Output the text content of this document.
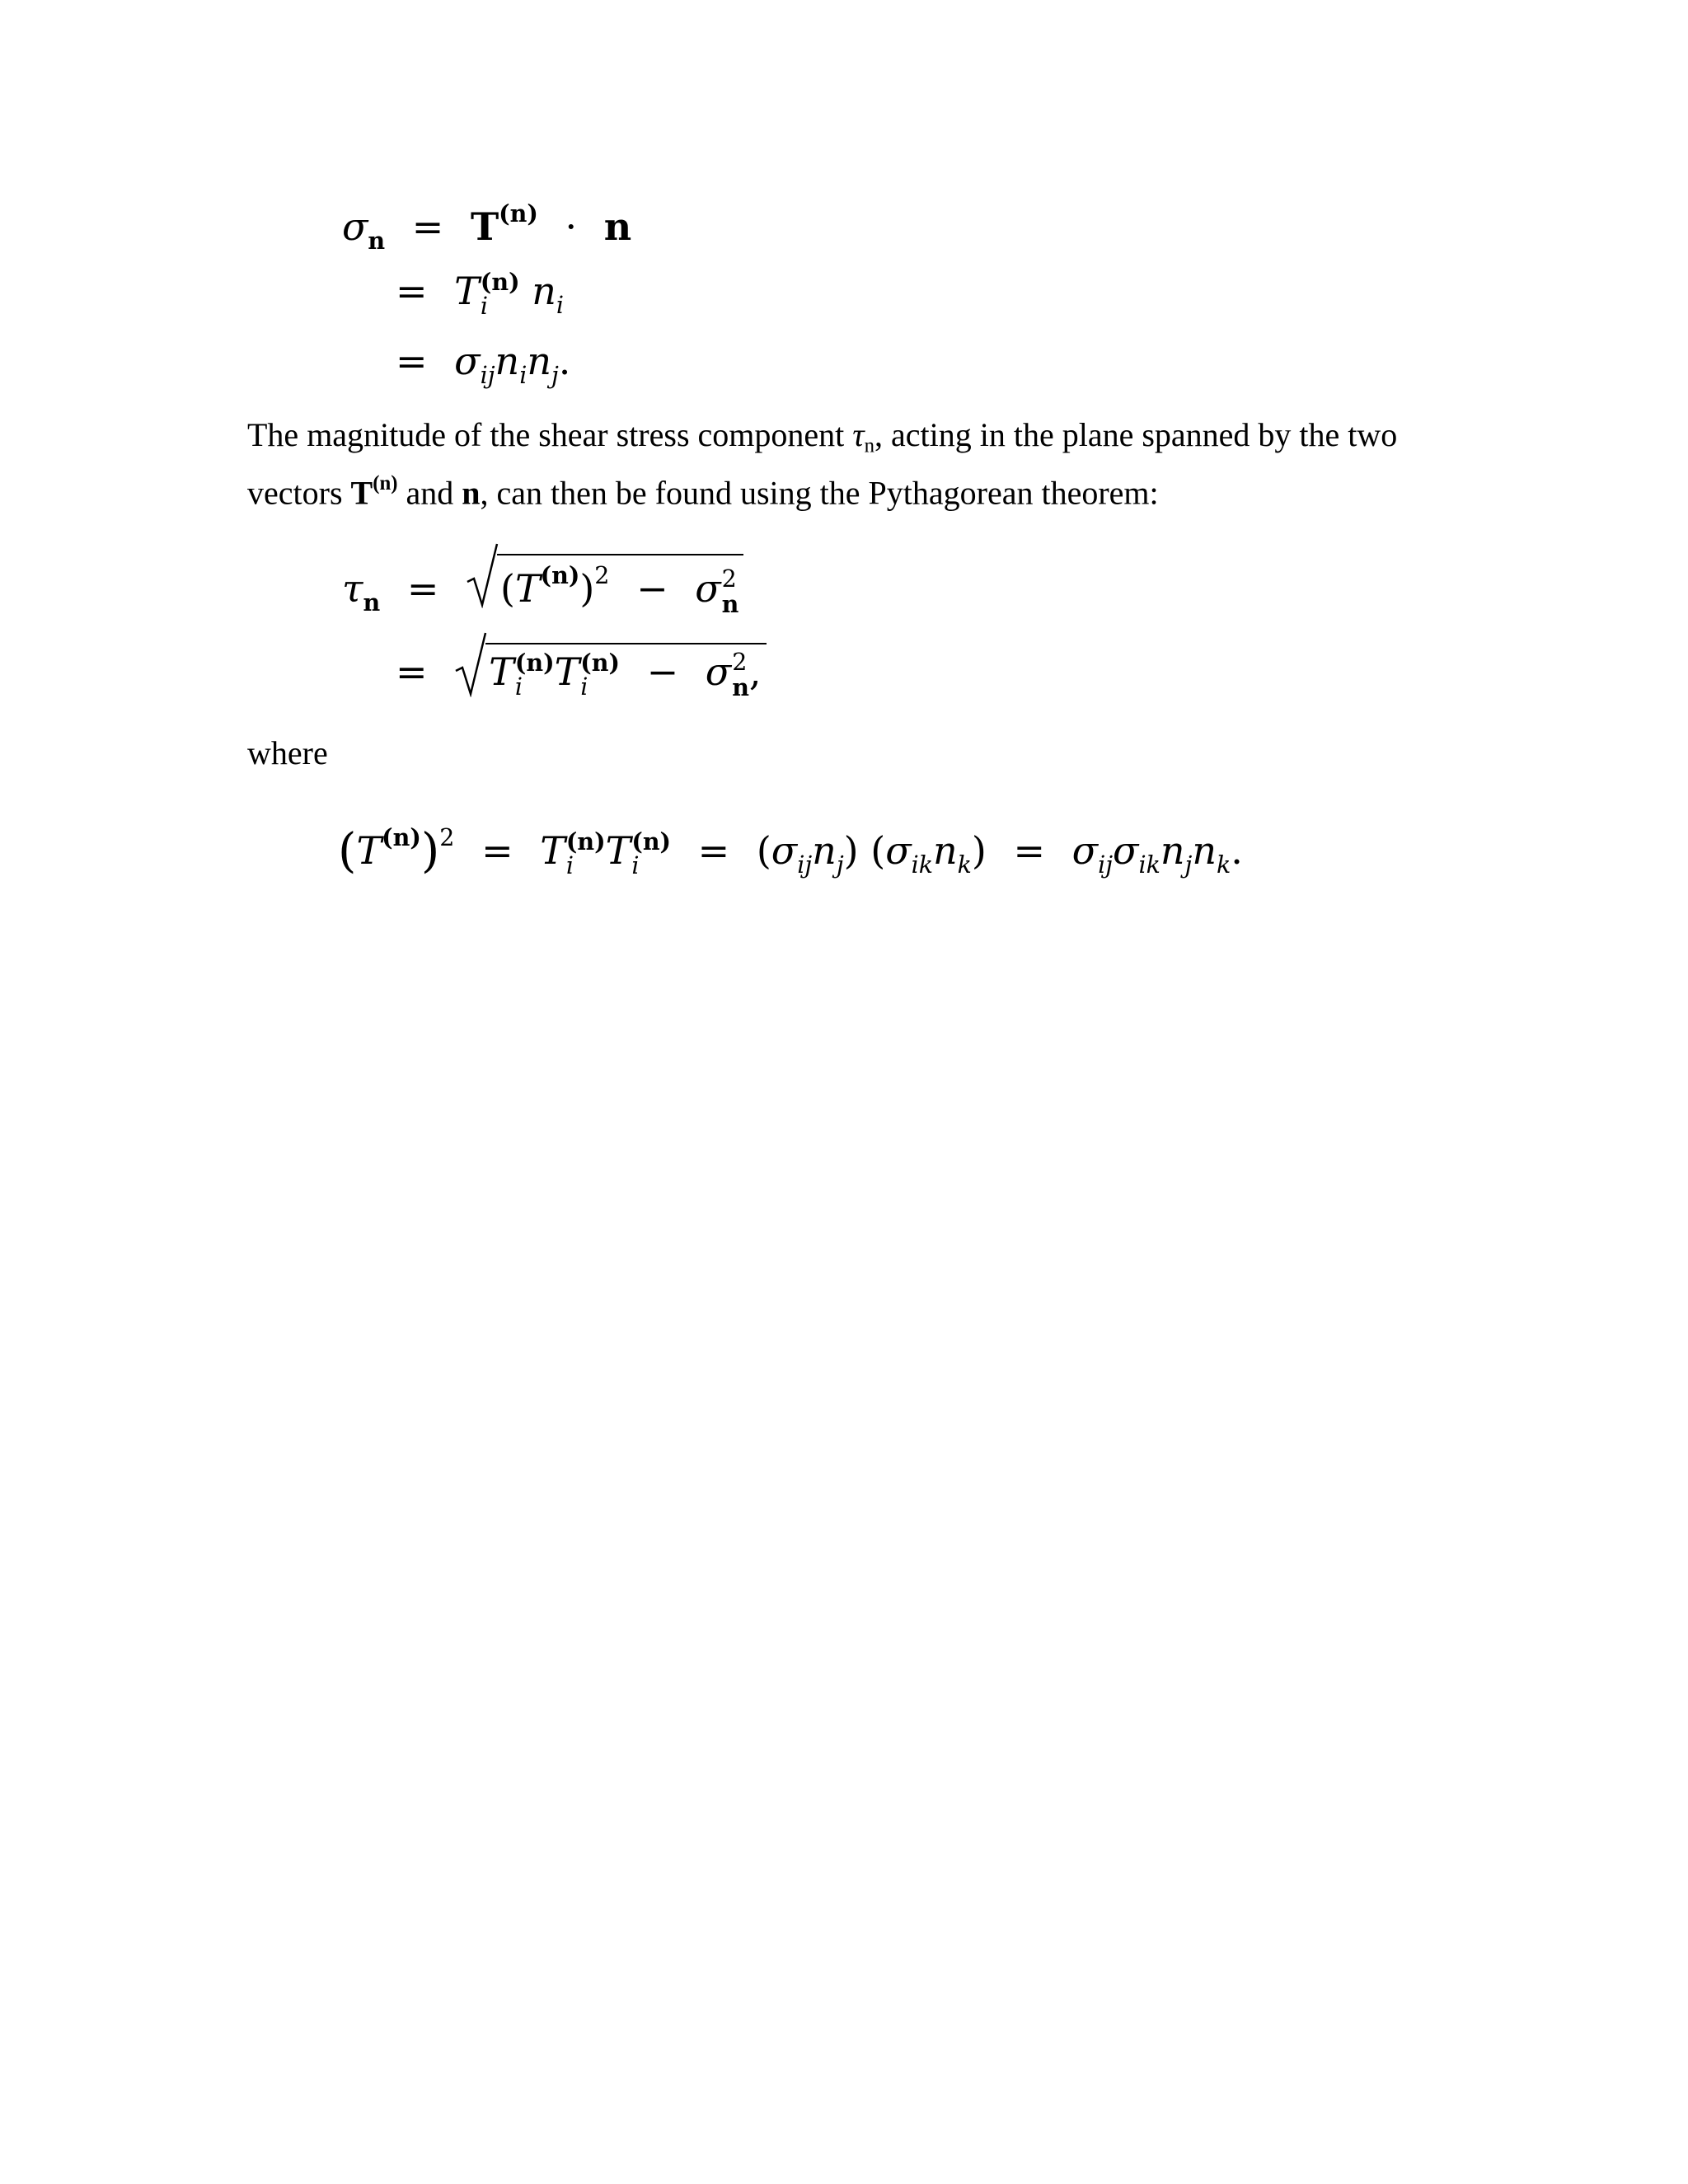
$\sigma_n = T^{(n)} \cdot n$
= T (n)
i	$n_i$
= $\sigma_{ij}n_in_j$.
The magnitude of the shear stress component τn, acting in the plane spanned by the two vectors $T^{(n)}$ and n, can then be found using the Pythagorean theorem:
$\tau_n = (T^{(n)})^2 - \sigma$ 2
n
= T (n)
i T (n)
i	− σ 2
n ,
where
$(T^{(n)})^2 = T$ (n)
i T (n)
i	= $(\sigma_{ij}n_j) (\sigma_{ik}n_k) = \sigma_{ij}\sigma_{ik}n_jn_k$.
